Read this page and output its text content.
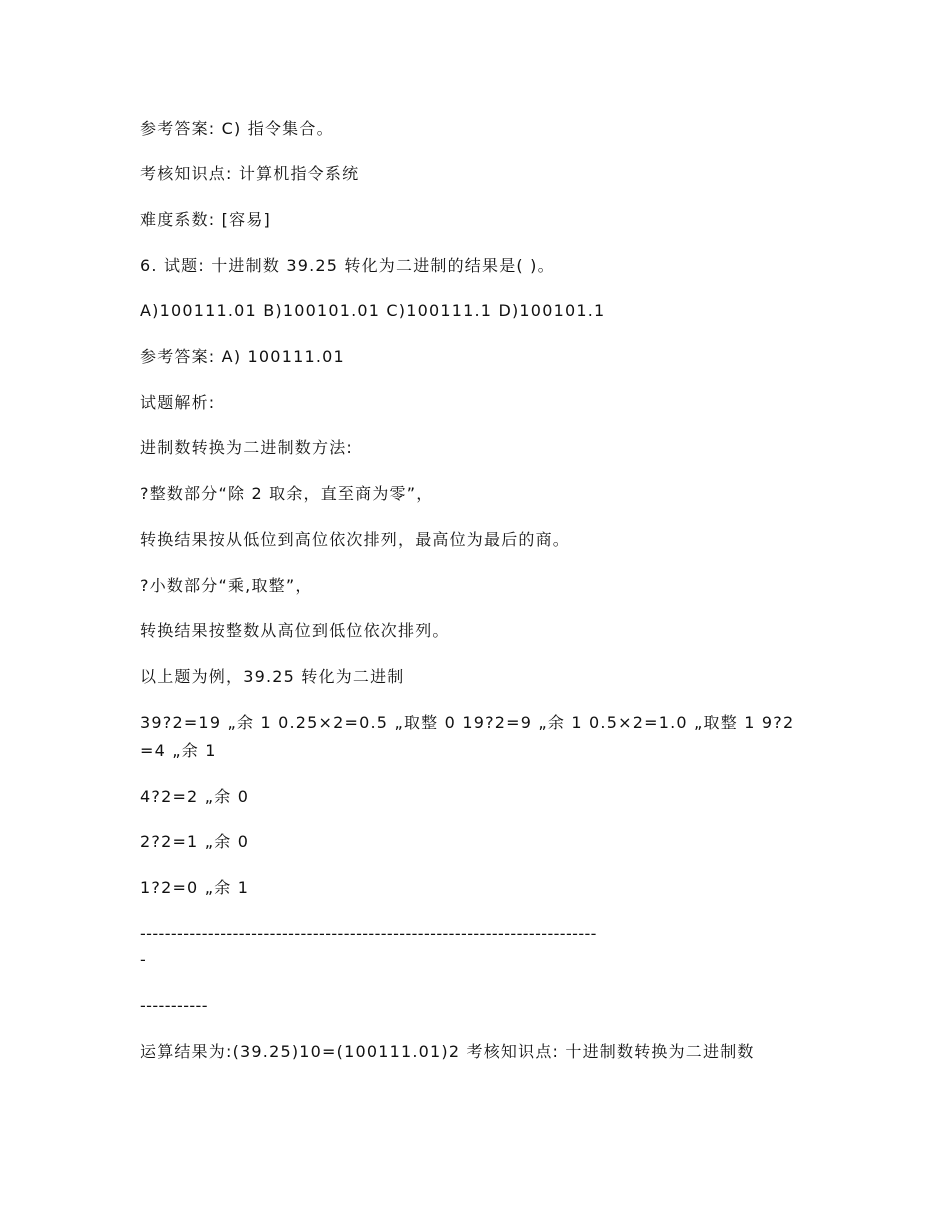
参考答案: C) 指令集合。
考核知识点: 计算机指令系统
难度系数: [容易]
6. 试题: 十进制数 39.25 转化为二进制的结果是( )。
A)100111.01 B)100101.01 C)100111.1 D)100101.1
参考答案: A) 100111.01
试题解析:
进制数转换为二进制数方法:
?整数部分“除 2 取余，直至商为零”，
转换结果按从低位到高位依次排列，最高位为最后的商。
?小数部分“乘,取整”，
转换结果按整数从高位到低位依次排列。
以上题为例，39.25 转化为二进制
39?2=19 „余 1 0.25×2=0.5 „取整 0 19?2=9 „余 1 0.5×2=1.0 „取整 1 9?2=4 „余 1
4?2=2 „余 0
2?2=1 „余 0
1?2=0 „余 1
--------------------------------------------------------------------------
-
-----------
运算结果为:(39.25)10=(100111.01)2 考核知识点: 十进制数转换为二进制数
